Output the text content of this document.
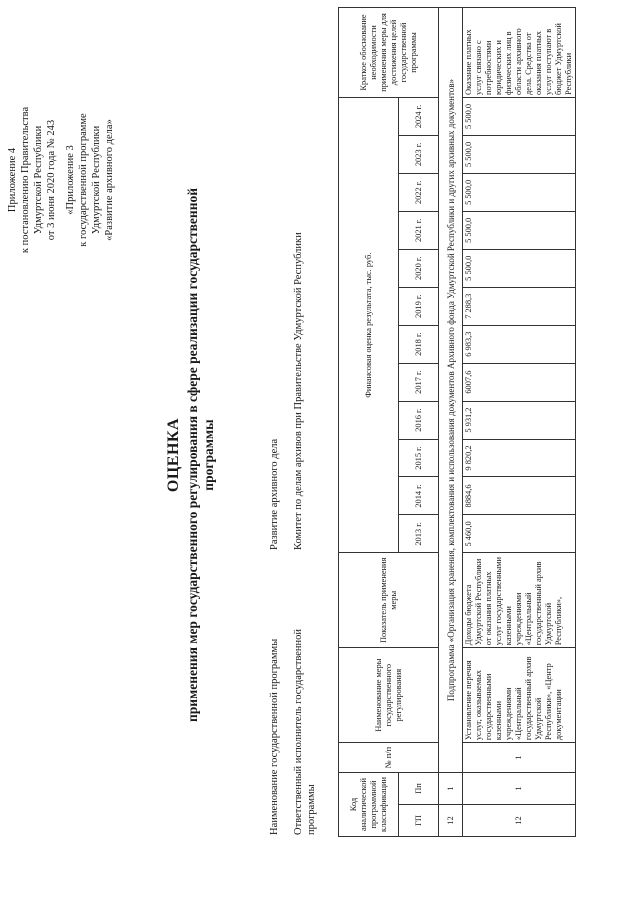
Приложение 4 к постановлению Правительства Удмуртской Республики от 3 июня 2020 года № 243 «Приложение 3 к государственной программе Удмуртской Республики «Развитие архивного дела»
ОЦЕНКА применения мер государственного регулирования в сфере реализации государственной программы
Наименование государственной программы
Развитие архивного дела
Ответственный исполнитель государственной программы
Комитет по делам архивов при Правительстве Удмуртской Республики
Код аналитической программной классификации		№ п/п	Наименование меры государственного регулирования	Показатель применения меры	Финансовая оценка результата, тыс. руб.												Краткое обоснование необходимости применения меры для достижения целей государственной программы
ГП	Пп				2013 г.	2014 г.	2015 г.	2016 г.	2017 г.	2018 г.	2019 г.	2020 г.	2021 г.	2022 г.	2023 г.	2024 г.	
12	1	Подпрограмма «Организация хранения, комплектования и использования документов Архивного фонда Удмуртской Республики и других архивных документов»															
12	1	1	Установление перечня услуг, оказываемых государственными казенными учреждениями «Центральный государственный архив Удмуртской Республики», «Центр документации	Доходы бюджета Удмуртской Республики от оказания платных услуг государственными казенными учреждениями «Центральный государственный архив Удмуртской Республики»,	5 460,0	8884,6	9 820,2	5 931,2	6007,6	6 983,3	7 288,3	5 500,0	5 500,0	5 500,0	5 500,0	5 500,0	Оказание платных услуг связано с потребностями юридических и физических лиц в области архивного дела. Средства от оказания платных услуг поступают в бюджет Удмуртской Республики
